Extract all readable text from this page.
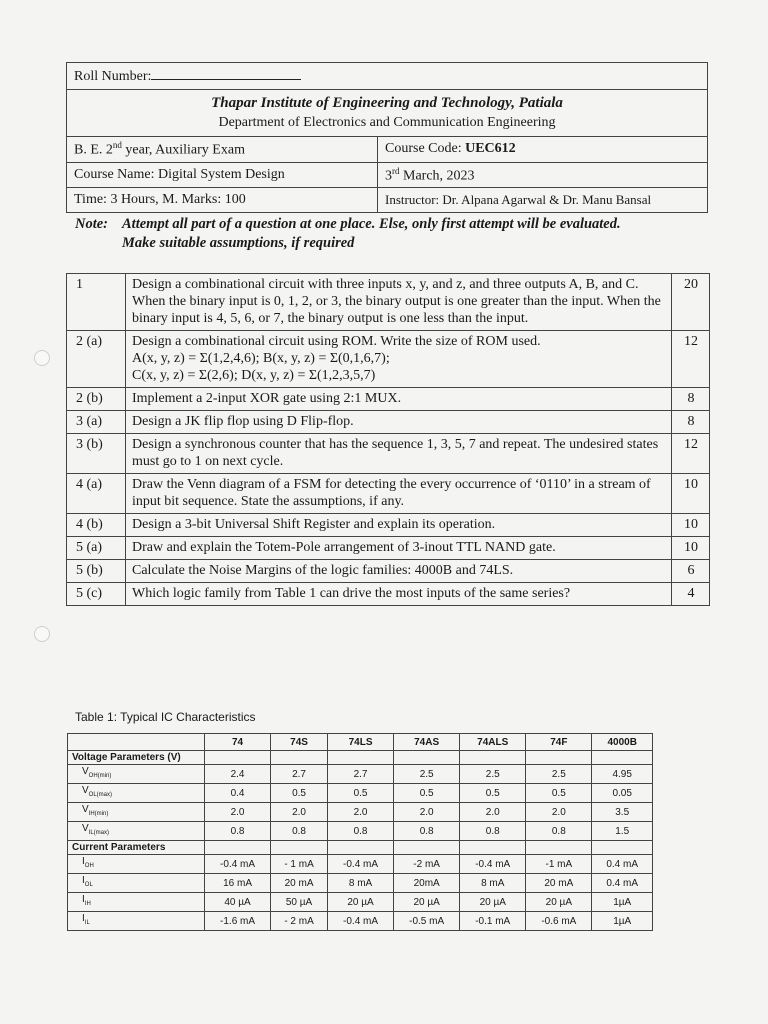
Roll Number:	

Thapar Institute of Engineering and Technology, Patiala
Department of Electronics and Communication Engineering	

B. E. 2nd year, Auxiliary Exam	Course Code: UEC612
Course Name: Digital System Design	3rd March, 2023
Time: 3 Hours, M. Marks: 100	Instructor: Dr. Alpana Agarwal & Dr. Manu Bansal
Note: Attempt all part of a question at one place. Else, only first attempt will be evaluated.
Make suitable assumptions, if required
1	Design a combinational circuit with three inputs x, y, and z, and three outputs A, B, and C. When the binary input is 0, 1, 2, or 3, the binary output is one greater than the input. When the binary input is 4, 5, 6, or 7, the binary output is one less than the input.	20
2 (a)	Design a combinational circuit using ROM. Write the size of ROM used.
A(x, y, z) = Σ(1,2,4,6); B(x, y, z) = Σ(0,1,6,7);
C(x, y, z) = Σ(2,6); D(x, y, z) = Σ(1,2,3,5,7)	12
2 (b)	Implement a 2-input XOR gate using 2:1 MUX.	8
3 (a)	Design a JK flip flop using D Flip-flop.	8
3 (b)	Design a synchronous counter that has the sequence 1, 3, 5, 7 and repeat. The undesired states must go to 1 on next cycle.	12
4 (a)	Draw the Venn diagram of a FSM for detecting the every occurrence of ‘0110’ in a stream of input bit sequence. State the assumptions, if any.	10
4 (b)	Design a 3-bit Universal Shift Register and explain its operation.	10
5 (a)	Draw and explain the Totem-Pole arrangement of 3-inout TTL NAND gate.	10
5 (b)	Calculate the Noise Margins of the logic families: 4000B and 74LS.	6
5 (c)	Which logic family from Table 1 can drive the most inputs of the same series?	4
Table 1: Typical IC Characteristics
	74	74S	74LS	74AS	74ALS	74F	4000B
Voltage Parameters (V)							
$V_{OH(min)}$	2.4	2.7	2.7	2.5	2.5	2.5	4.95
$V_{OL(max)}$	0.4	0.5	0.5	0.5	0.5	0.5	0.05
$V_{IH(min)}$	2.0	2.0	2.0	2.0	2.0	2.0	3.5
$V_{IL(max)}$	0.8	0.8	0.8	0.8	0.8	0.8	1.5
Current Parameters							
$I_{OH}$	-0.4 mA	- 1 mA	-0.4 mA	-2 mA	-0.4 mA	-1 mA	0.4 mA
$I_{OL}$	16 mA	20 mA	8 mA	20mA	8 mA	20 mA	0.4 mA
$I_{IH}$	40 µA	50 µA	20 µA	20 µA	20 µA	20 µA	1µA
$I_{IL}$	-1.6 mA	- 2 mA	-0.4 mA	-0.5 mA	-0.1 mA	-0.6 mA	1µA
